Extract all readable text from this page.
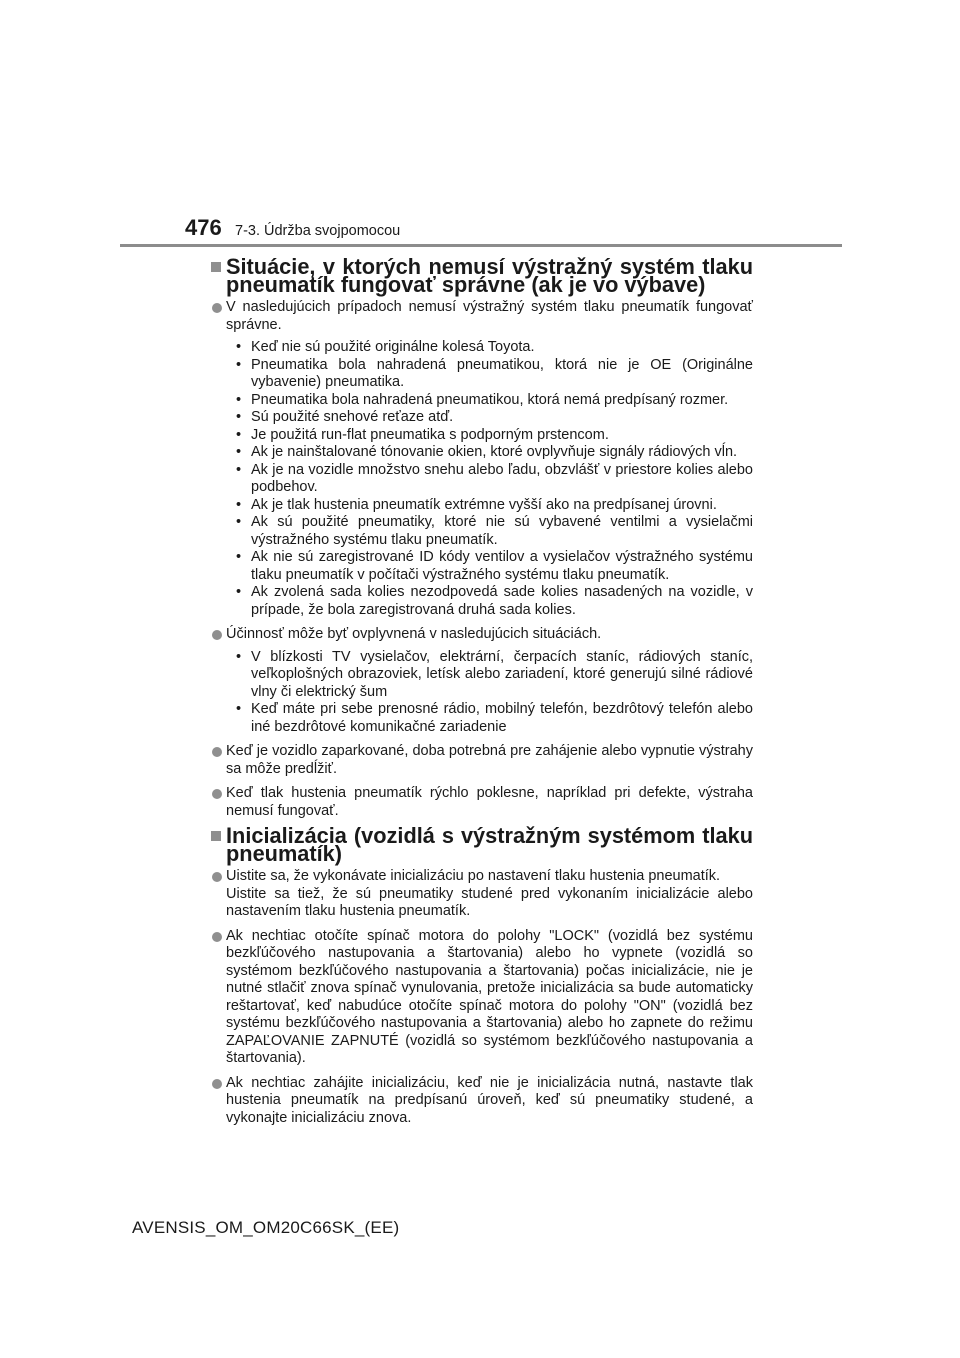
476 7-3. Údržba svojpomocou
Situácie, v ktorých nemusí výstražný systém tlaku pneumatík fungovať správne (ak je vo výbave)

V nasledujúcich prípadoch nemusí výstražný systém tlaku pneumatík fungovať správne.

• Keď nie sú použité originálne kolesá Toyota.
• Pneumatika bola nahradená pneumatikou, ktorá nie je OE (Originálne vybavenie) pneumatika.
• Pneumatika bola nahradená pneumatikou, ktorá nemá predpísaný rozmer.
• Sú použité snehové reťaze atď.
• Je použitá run-flat pneumatika s podporným prstencom.
• Ak je nainštalované tónovanie okien, ktoré ovplyvňuje signály rádiových vĺn.
• Ak je na vozidle množstvo snehu alebo ľadu, obzvlášť v priestore kolies alebo podbehov.
• Ak je tlak hustenia pneumatík extrémne vyšší ako na predpísanej úrovni.
• Ak sú použité pneumatiky, ktoré nie sú vybavené ventilmi a vysielačmi výstražného systému tlaku pneumatík.
• Ak nie sú zaregistrované ID kódy ventilov a vysielačov výstražného systému tlaku pneumatík v počítači výstražného systému tlaku pneumatík.
• Ak zvolená sada kolies nezodpovedá sade kolies nasadených na vozidle, v prípade, že bola zaregistrovaná druhá sada kolies.

Účinnosť môže byť ovplyvnená v nasledujúcich situáciách.

• V blízkosti TV vysielačov, elektrární, čerpacích staníc, rádiových staníc, veľkoplošných obrazoviek, letísk alebo zariadení, ktoré generujú silné rádiové vlny či elektrický šum
• Keď máte pri sebe prenosné rádio, mobilný telefón, bezdrôtový telefón alebo iné bezdrôtové komunikačné zariadenie

Keď je vozidlo zaparkované, doba potrebná pre zahájenie alebo vypnutie výstrahy sa môže predĺžiť.

Keď tlak hustenia pneumatík rýchlo poklesne, napríklad pri defekte, výstraha nemusí fungovať.

Inicializácia (vozidlá s výstražným systémom tlaku pneumatík)

Uistite sa, že vykonávate inicializáciu po nastavení tlaku hustenia pneumatík.

Uistite sa tiež, že sú pneumatiky studené pred vykonaním inicializácie alebo nastavením tlaku hustenia pneumatík.

Ak nechtiac otočíte spínač motora do polohy "LOCK" (vozidlá bez systému bezkľúčového nastupovania a štartovania) alebo ho vypnete (vozidlá so systémom bezkľúčového nastupovania a štartovania) počas inicializácie, nie je nutné stlačiť znova spínač vynulovania, pretože inicializácia sa bude automaticky reštartovať, keď nabudúce otočíte spínač motora do polohy "ON" (vozidlá bez systému bezkľúčového nastupovania a štartovania) alebo ho zapnete do režimu ZAPAĽOVANIE ZAPNUTÉ (vozidlá so systémom bezkľúčového nastupovania a štartovania).

Ak nechtiac zahájite inicializáciu, keď nie je inicializácia nutná, nastavte tlak hustenia pneumatík na predpísanú úroveň, keď sú pneumatiky studené, a vykonajte inicializáciu znova.

AVENSIS_OM_OM20C66SK_(EE)
